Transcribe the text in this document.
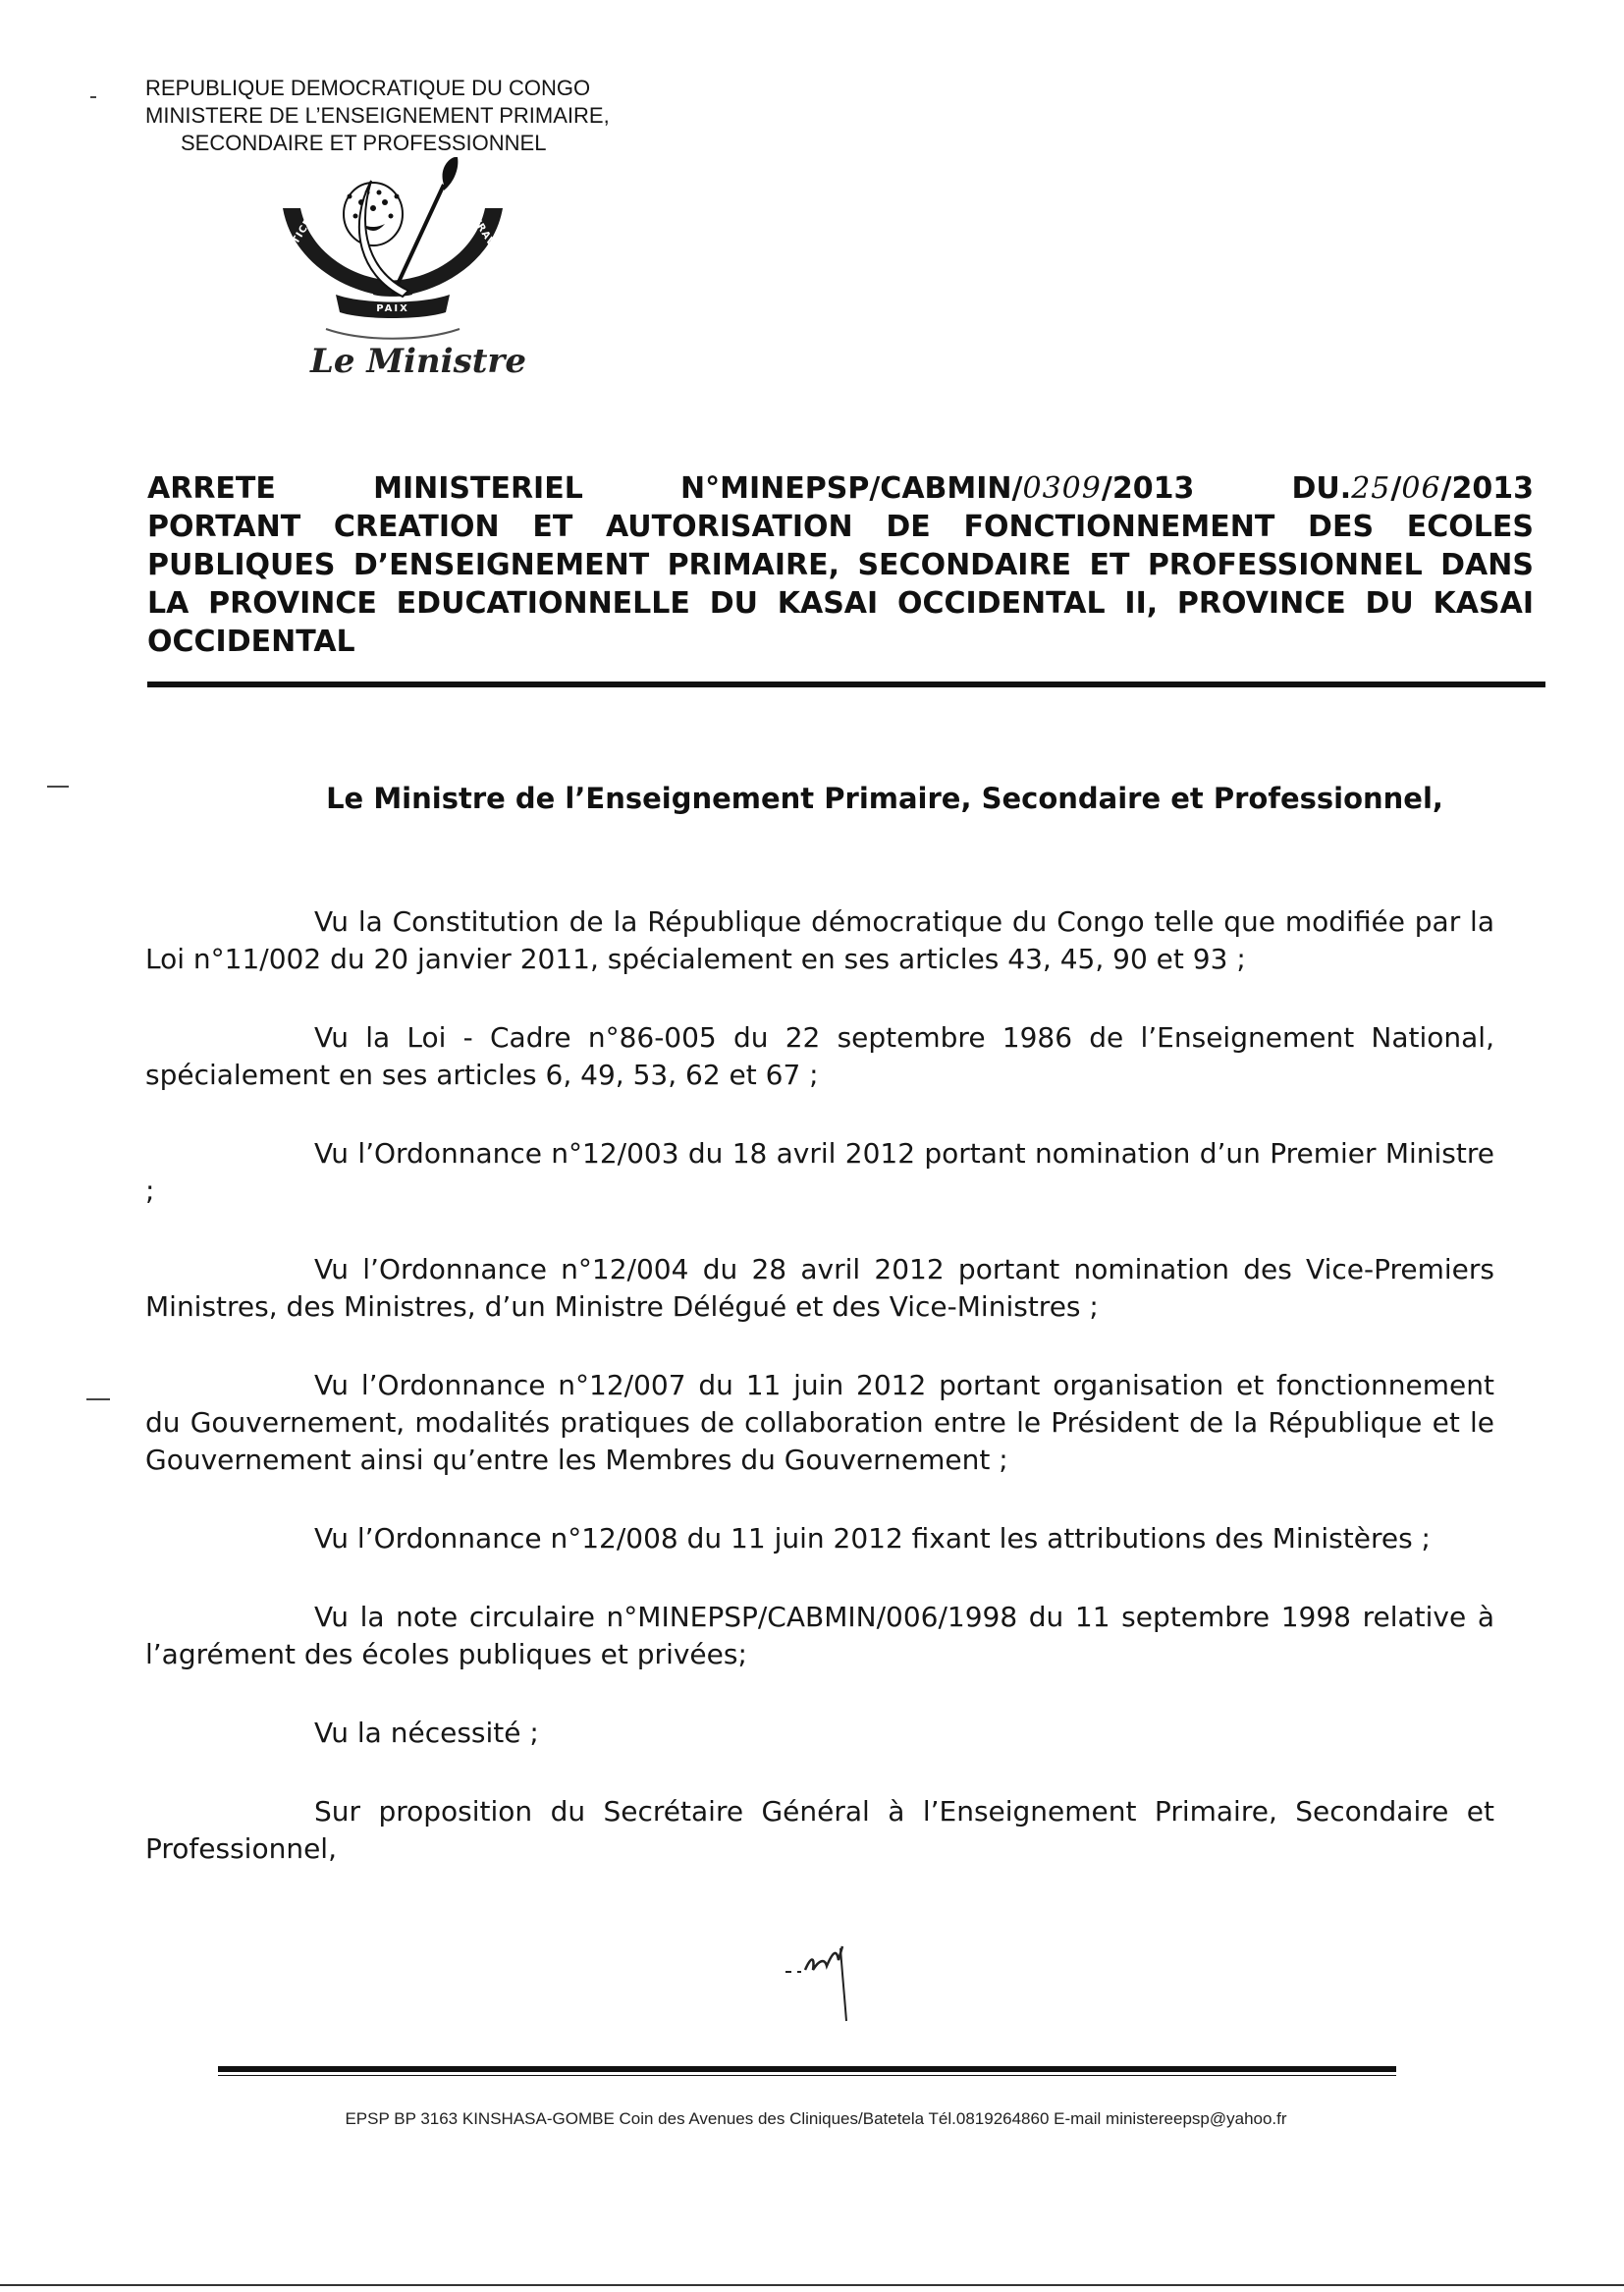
REPUBLIQUE DEMOCRATIQUE DU CONGO
MINISTERE DE L’ENSEIGNEMENT PRIMAIRE,
SECONDAIRE ET PROFESSIONNEL
JUSTICE	TRAVAIL
PAIX
Le Ministre
ARRETE	MINISTERIEL	N°MINEPSP/CABMIN/0309/2013	DU.25/06/2013
PORTANT CREATION ET AUTORISATION DE FONCTIONNEMENT DES ECOLES PUBLIQUES D’ENSEIGNEMENT PRIMAIRE, SECONDAIRE ET PROFESSIONNEL DANS LA PROVINCE EDUCATIONNELLE DU KASAI OCCIDENTAL II, PROVINCE DU KASAI OCCIDENTAL
Le Ministre de l’Enseignement Primaire, Secondaire et Professionnel,

Vu la Constitution de la République démocratique du Congo telle que modifiée par la Loi n°11/002 du 20 janvier 2011, spécialement en ses articles 43, 45, 90 et 93 ;

Vu la Loi - Cadre n°86-005 du 22 septembre 1986 de l’Enseignement National, spécialement en ses articles 6, 49, 53, 62 et 67 ;

Vu l’Ordonnance n°12/003 du 18 avril 2012 portant nomination d’un Premier Ministre ;

Vu l’Ordonnance n°12/004 du 28 avril 2012 portant nomination des Vice-Premiers Ministres, des Ministres, d’un Ministre Délégué et des Vice-Ministres ;

Vu l’Ordonnance n°12/007 du 11 juin 2012 portant organisation et fonctionnement du Gouvernement, modalités pratiques de collaboration entre le Président de la République et le Gouvernement ainsi qu’entre les Membres du Gouvernement ;

Vu l’Ordonnance n°12/008 du 11 juin 2012 fixant les attributions des Ministères ;

Vu la note circulaire n°MINEPSP/CABMIN/006/1998 du 11 septembre 1998 relative à l’agrément des écoles publiques et privées;

Vu la nécessité ;

Sur proposition du Secrétaire Général à l’Enseignement Primaire, Secondaire et Professionnel,

EPSP BP 3163 KINSHASA-GOMBE Coin des Avenues des Cliniques/Batetela Tél.0819264860 E-mail ministereepsp@yahoo.fr
